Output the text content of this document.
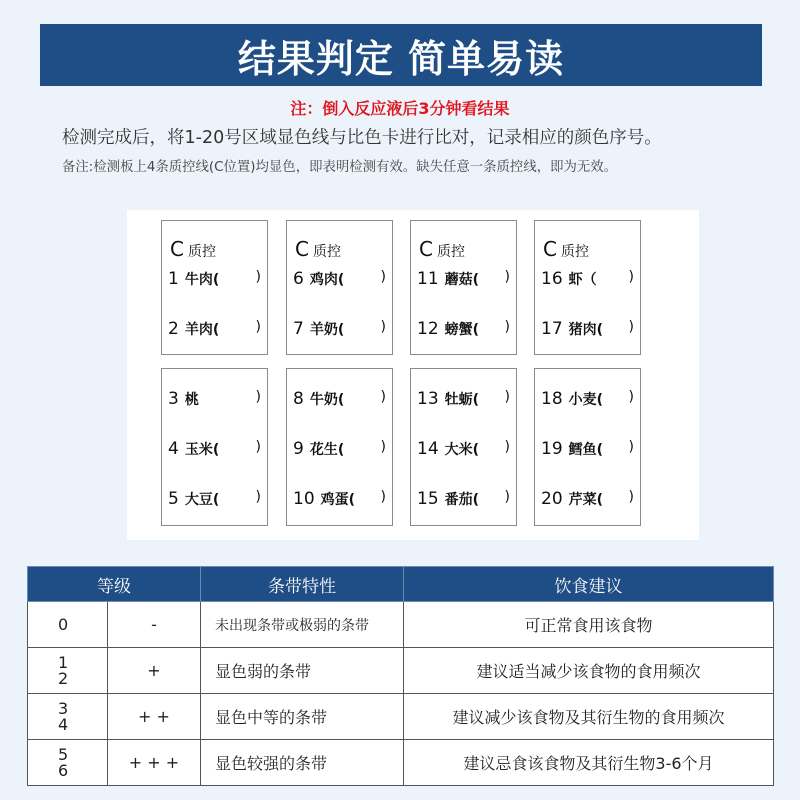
结果判定 简单易读
注：倒入反应液后3分钟看结果
检测完成后，将1-20号区域显色线与比色卡进行比对，记录相应的颜色序号。
备注:检测板上4条质控线(C位置)均显色，即表明检测有效。缺失任意一条质控线，即为无效。
C 质控
1 牛肉(	)
2 羊肉(	)
3 桃	)
4 玉米(	)
5 大豆(	)
C 质控
6 鸡肉(	)
7 羊奶(	)
8 牛奶(	)
9 花生(	)
10 鸡蛋( )
C 质控
11 蘑菇( )
12 螃蟹( )
13 牡蛎( )
14 大米( )
15 番茄( )
C 质控
16 虾（ )
17 猪肉( )
18 小麦( )
19 鳕鱼( )
20 芹菜( )
等级		条带特性	饮食建议

0	-	未出现条带或极弱的条带	可正常食用该食物

1
2	+	显色弱的条带	建议适当减少该食物的食用频次

3
4	+ +	显色中等的条带	建议减少该食物及其衍生物的食用频次

5
6	+ + +	显色较强的条带	建议忌食该食物及其衍生物3-6个月
